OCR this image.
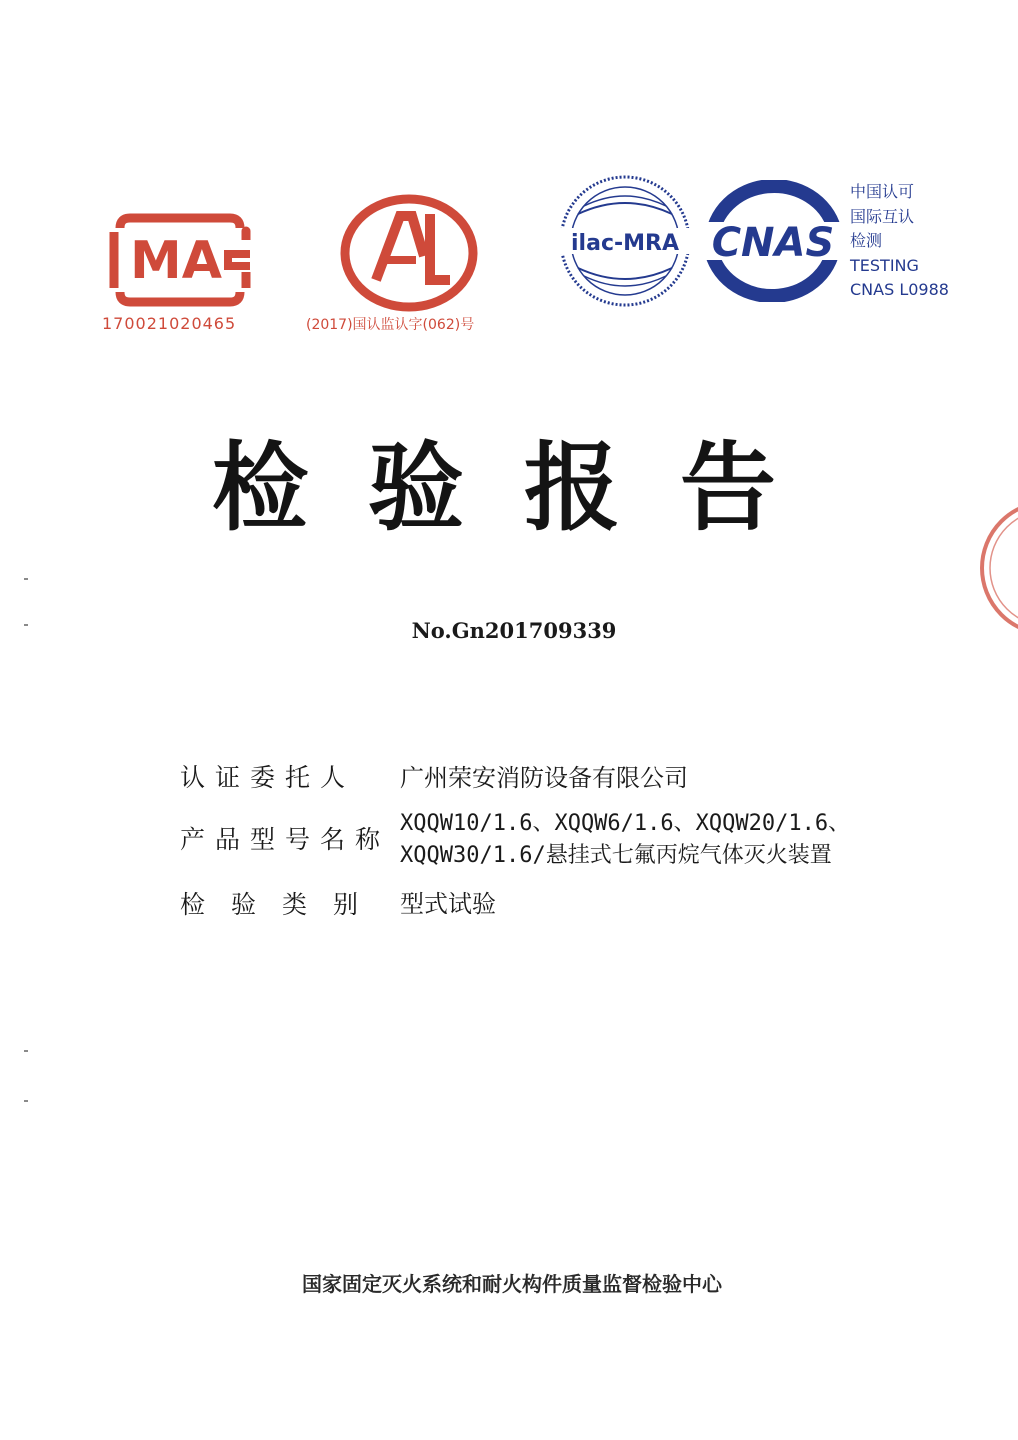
MA
170021020465	(2017)国认监认字(062)号
ilac-MRA CNAS
中国认可
国际互认
检测
TESTING
CNAS L0988
检验报告
No.Gn201709339
认证委托人 广州荣安消防设备有限公司
产品型号名称
XQQW10/1.6、XQQW6/1.6、XQQW20/1.6、
XQQW30/1.6/悬挂式七氟丙烷气体灭火装置
检验类别 型式试验
国家固定灭火系统和耐火构件质量监督检验中心
